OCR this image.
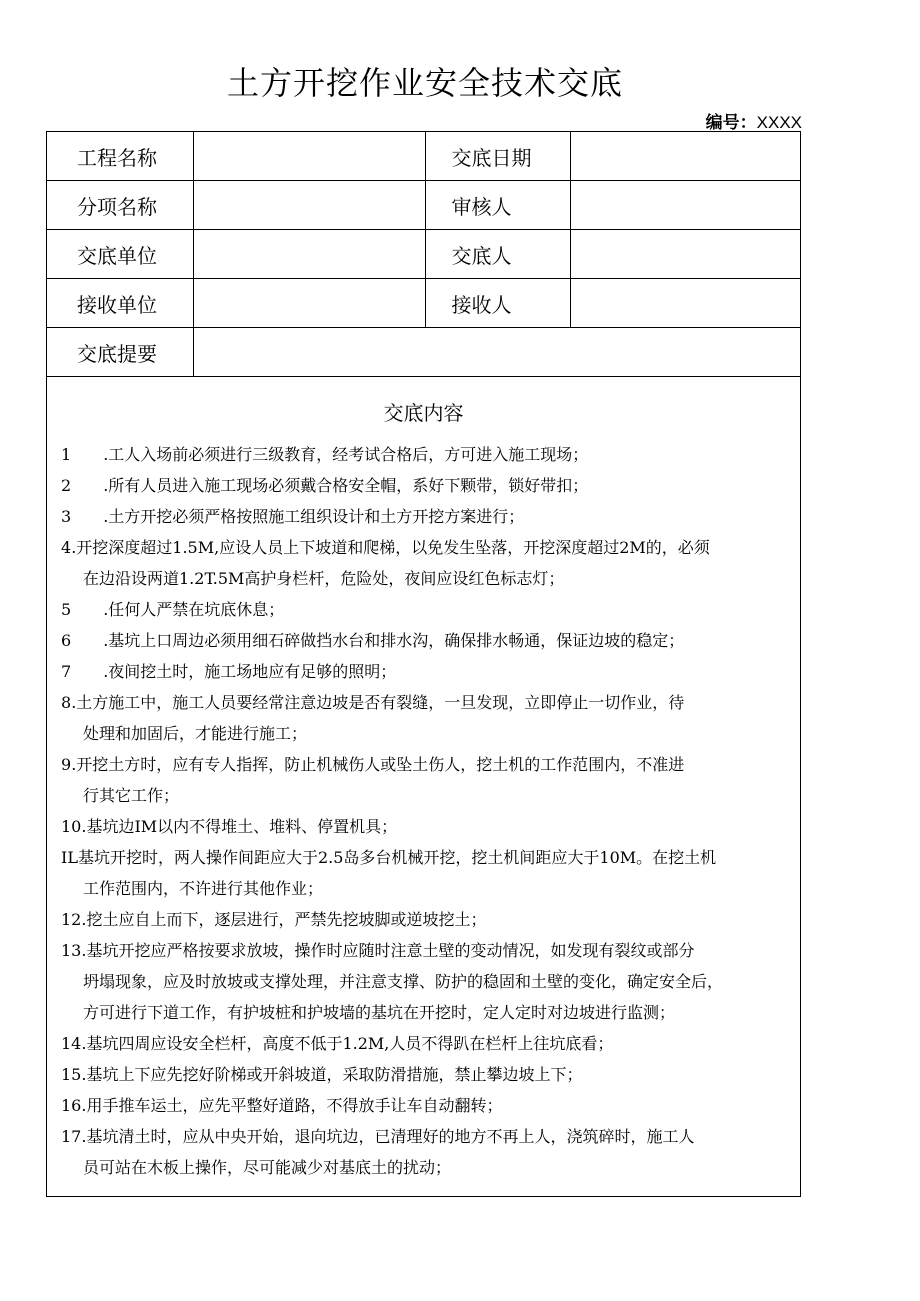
土方开挖作业安全技术交底
编号：XXXX
工程名称		交底日期	
分项名称		审核人	
交底单位		交底人	
接收单位		接收人	
交底提要			
交底内容
1　　.工人入场前必须进行三级教育，经考试合格后，方可进入施工现场；
2　　.所有人员进入施工现场必须戴合格安全帽，系好下颗带，锁好带扣；
3　　.土方开挖必须严格按照施工组织设计和土方开挖方案进行；
4.开挖深度超过1.5M,应设人员上下坡道和爬梯，以免发生坠落，开挖深度超过2M的，必须
在边沿设两道1.2T.5M高护身栏杆，危险处，夜间应设红色标志灯；
5　　.任何人严禁在坑底休息；
6　　.基坑上口周边必须用细石碎做挡水台和排水沟，确保排水畅通，保证边坡的稳定；
7　　.夜间挖土时，施工场地应有足够的照明；
8.土方施工中，施工人员要经常注意边坡是否有裂缝，一旦发现，立即停止一切作业，待
处理和加固后，才能进行施工；
9.开挖土方时，应有专人指挥，防止机械伤人或坠土伤人，挖土机的工作范围内，不准进
行其它工作；
10.基坑边IM以内不得堆土、堆料、停置机具；
IL基坑开挖时，两人操作间距应大于2.5岛多台机械开挖，挖土机间距应大于10M。在挖土机
工作范围内，不许进行其他作业；
12.挖土应自上而下，逐层进行，严禁先挖坡脚或逆坡挖土；
13.基坑开挖应严格按要求放坡，操作时应随时注意土壁的变动情况，如发现有裂纹或部分
坍塌现象，应及时放坡或支撑处理，并注意支撑、防护的稳固和土壁的变化，确定安全后，
方可进行下道工作，有护坡桩和护坡墙的基坑在开挖时，定人定时对边坡进行监测；
14.基坑四周应设安全栏杆，高度不低于1.2M,人员不得趴在栏杆上往坑底看；
15.基坑上下应先挖好阶梯或开斜坡道，采取防滑措施，禁止攀边坡上下；
16.用手推车运土，应先平整好道路，不得放手让车自动翻转；
17.基坑清土时，应从中央开始，退向坑边，已清理好的地方不再上人，浇筑碎时，施工人
员可站在木板上操作，尽可能减少对基底土的扰动；
